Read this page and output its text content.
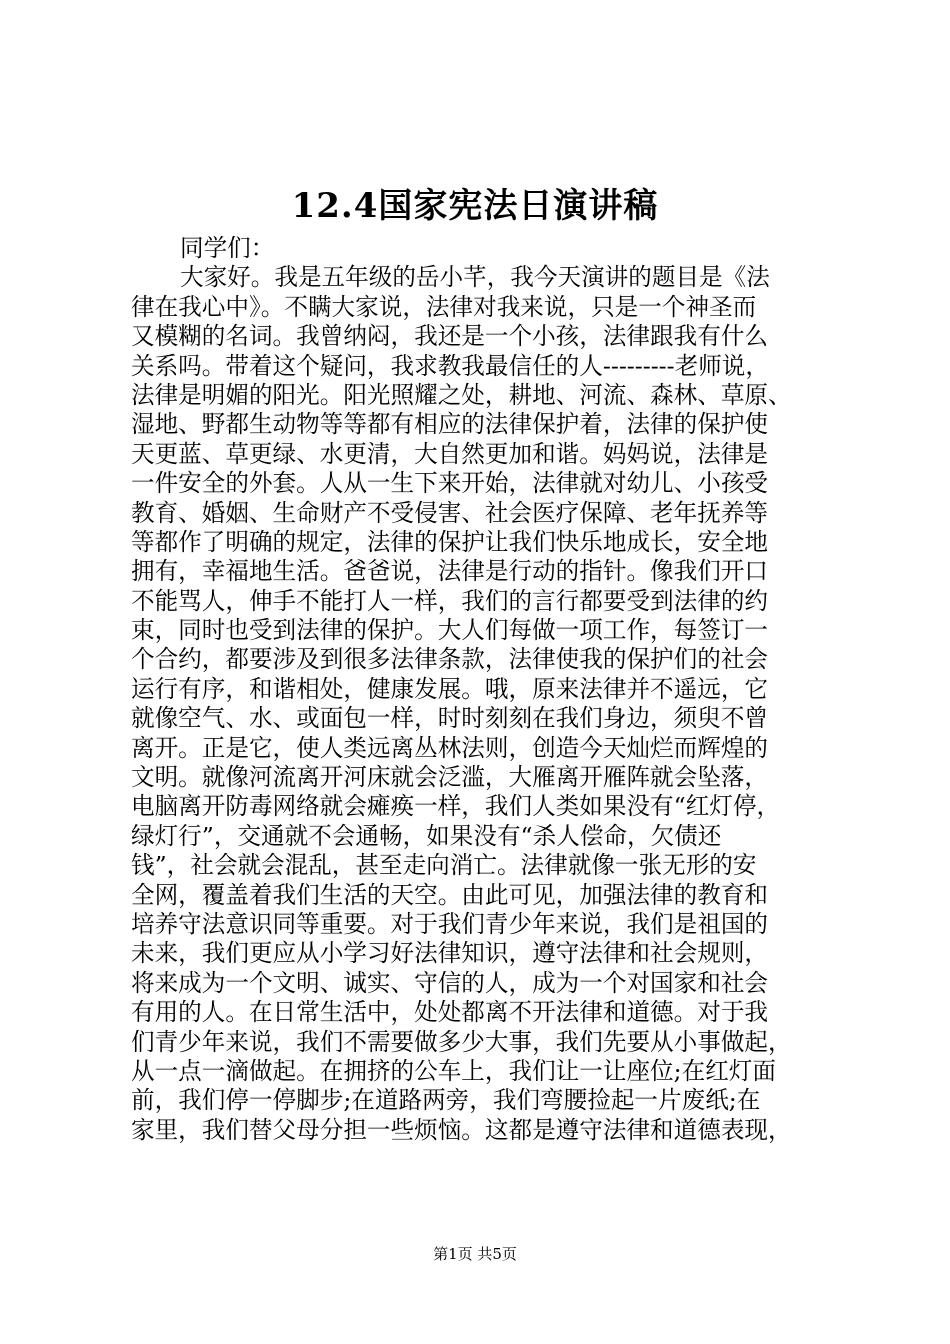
12.4国家宪法日演讲稿
同学们：
大家好。我是五年级的岳小芊，我今天演讲的题目是《法
律在我心中》。不瞒大家说，法律对我来说，只是一个神圣而
又模糊的名词。我曾纳闷，我还是一个小孩，法律跟我有什么
关系吗。带着这个疑问，我求教我最信任的人---------老师说，
法律是明媚的阳光。阳光照耀之处，耕地、河流、森林、草原、
湿地、野都生动物等等都有相应的法律保护着，法律的保护使
天更蓝、草更绿、水更清，大自然更加和谐。妈妈说，法律是
一件安全的外套。人从一生下来开始，法律就对幼儿、小孩受
教育、婚姻、生命财产不受侵害、社会医疗保障、老年抚养等
等都作了明确的规定，法律的保护让我们快乐地成长，安全地
拥有，幸福地生活。爸爸说，法律是行动的指针。像我们开口
不能骂人，伸手不能打人一样，我们的言行都要受到法律的约
束，同时也受到法律的保护。大人们每做一项工作，每签订一
个合约，都要涉及到很多法律条款，法律使我的保护们的社会
运行有序，和谐相处，健康发展。哦，原来法律并不遥远，它
就像空气、水、或面包一样，时时刻刻在我们身边，须臾不曾
离开。正是它，使人类远离丛林法则，创造今天灿烂而辉煌的
文明。就像河流离开河床就会泛滥，大雁离开雁阵就会坠落，
电脑离开防毒网络就会瘫痪一样，我们人类如果没有“红灯停，
绿灯行”，交通就不会通畅，如果没有“杀人偿命，欠债还
钱”，社会就会混乱，甚至走向消亡。法律就像一张无形的安
全网，覆盖着我们生活的天空。由此可见，加强法律的教育和
培养守法意识同等重要。对于我们青少年来说，我们是祖国的
未来，我们更应从小学习好法律知识，遵守法律和社会规则，
将来成为一个文明、诚实、守信的人，成为一个对国家和社会
有用的人。在日常生活中，处处都离不开法律和道德。对于我
们青少年来说，我们不需要做多少大事，我们先要从小事做起，
从一点一滴做起。在拥挤的公车上，我们让一让座位;在红灯面
前，我们停一停脚步;在道路两旁，我们弯腰捡起一片废纸;在
家里，我们替父母分担一些烦恼。这都是遵守法律和道德表现，
第1页 共5页
